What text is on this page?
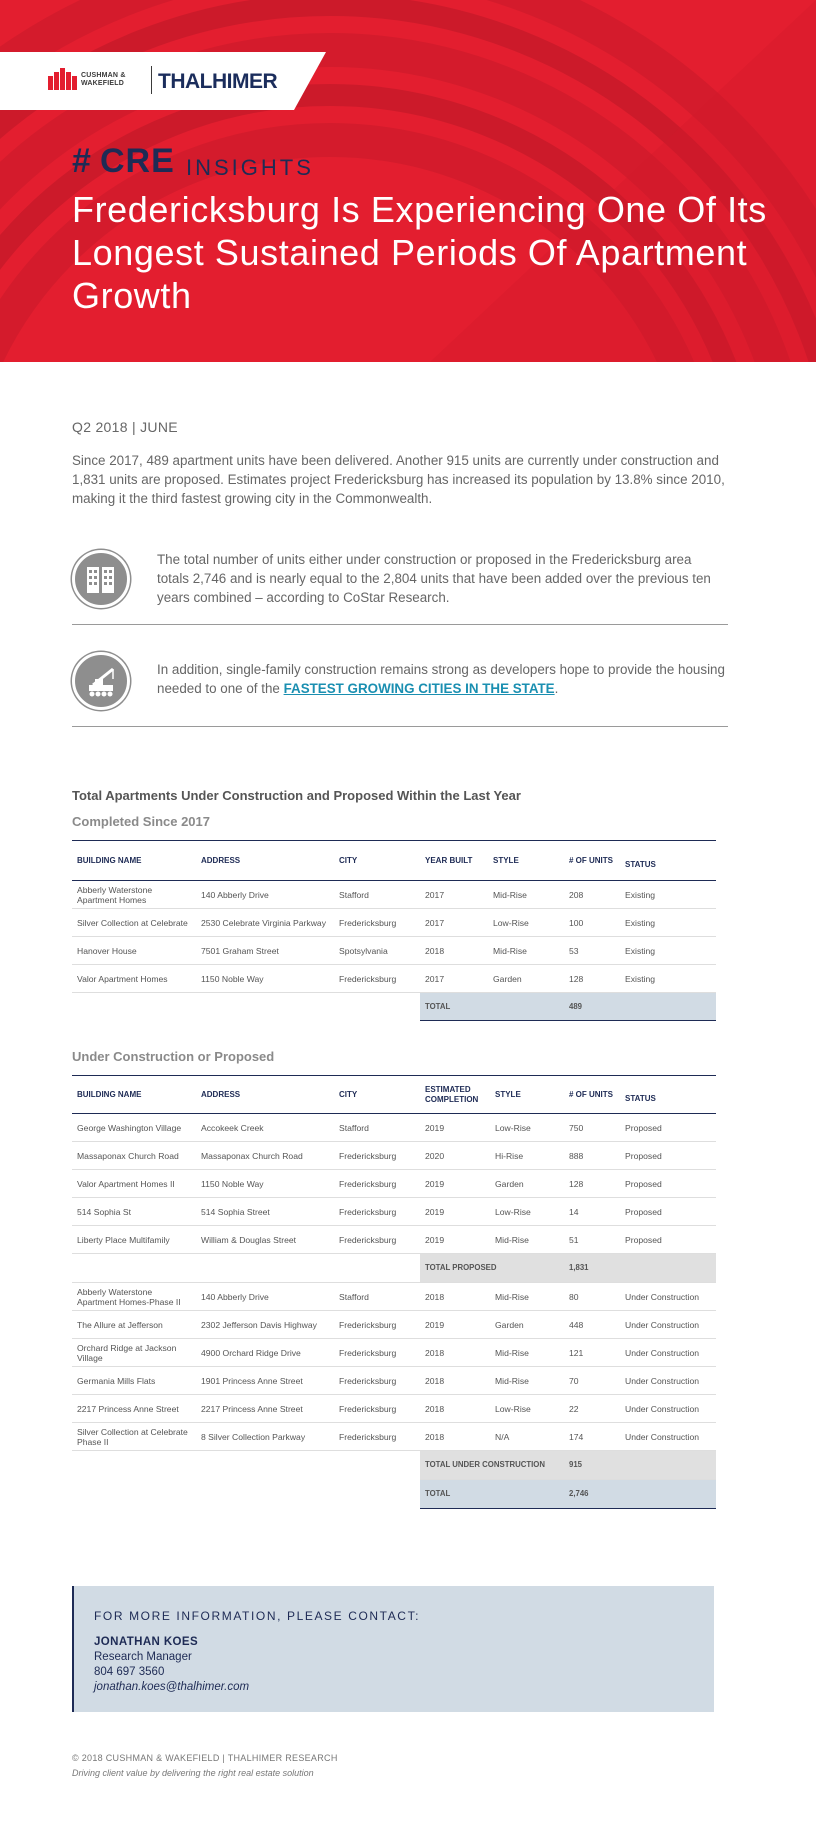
CUSHMAN &
WAKEFIELD THALHIMER
# CRE INSIGHTS
Fredericksburg Is Experiencing One Of Its Longest Sustained Periods Of Apartment Growth
Q2 2018 | JUNE
Since 2017, 489 apartment units have been delivered. Another 915 units are currently under construction and 1,831 units are proposed. Estimates project Fredericksburg has increased its population by 13.8% since 2010, making it the third fastest growing city in the Commonwealth.
The total number of units either under construction or proposed in the Fredericksburg area totals 2,746 and is nearly equal to the 2,804 units that have been added over the previous ten years combined – according to CoStar Research.
In addition, single-family construction remains strong as developers hope to provide the housing needed to one of the FASTEST GROWING CITIES IN THE STATE.
Total Apartments Under Construction and Proposed Within the Last Year
Completed Since 2017
BUILDING NAME	ADDRESS	CITY	YEAR BUILT	STYLE	# OF UNITS	STATUS
Abberly Waterstone Apartment Homes	140 Abberly Drive	Stafford	2017	Mid-Rise	208	Existing
Silver Collection at Celebrate	2530 Celebrate Virginia Parkway	Fredericksburg	2017	Low-Rise	100	Existing
Hanover House	7501 Graham Street	Spotsylvania	2018	Mid-Rise	53	Existing
Valor Apartment Homes	1150 Noble Way	Fredericksburg	2017	Garden	128	Existing
			TOTAL		489	
Under Construction or Proposed
BUILDING NAME	ADDRESS	CITY	ESTIMATED COMPLETION	STYLE	# OF UNITS	STATUS
George Washington Village	Accokeek Creek	Stafford	2019	Low-Rise	750	Proposed
Massaponax Church Road	Massaponax Church Road	Fredericksburg	2020	Hi-Rise	888	Proposed
Valor Apartment Homes II	1150 Noble Way	Fredericksburg	2019	Garden	128	Proposed
514 Sophia St	514 Sophia Street	Fredericksburg	2019	Low-Rise	14	Proposed
Liberty Place Multifamily	William & Douglas Street	Fredericksburg	2019	Mid-Rise	51	Proposed
			TOTAL PROPOSED		1,831	
Abberly Waterstone Apartment Homes-Phase II	140 Abberly Drive	Stafford	2018	Mid-Rise	80	Under Construction
The Allure at Jefferson	2302 Jefferson Davis Highway	Fredericksburg	2019	Garden	448	Under Construction
Orchard Ridge at Jackson Village	4900 Orchard Ridge Drive	Fredericksburg	2018	Mid-Rise	121	Under Construction
Germania Mills Flats	1901 Princess Anne Street	Fredericksburg	2018	Mid-Rise	70	Under Construction
2217 Princess Anne Street	2217 Princess Anne Street	Fredericksburg	2018	Low-Rise	22	Under Construction
Silver Collection at Celebrate Phase II	8 Silver Collection Parkway	Fredericksburg	2018	N/A	174	Under Construction
			TOTAL UNDER CONSTRUCTION		915	
			TOTAL		2,746	
FOR MORE INFORMATION, PLEASE CONTACT:
JONATHAN KOES
Research Manager
804 697 3560
jonathan.koes@thalhimer.com
© 2018 CUSHMAN & WAKEFIELD | THALHIMER RESEARCH
Driving client value by delivering the right real estate solution
